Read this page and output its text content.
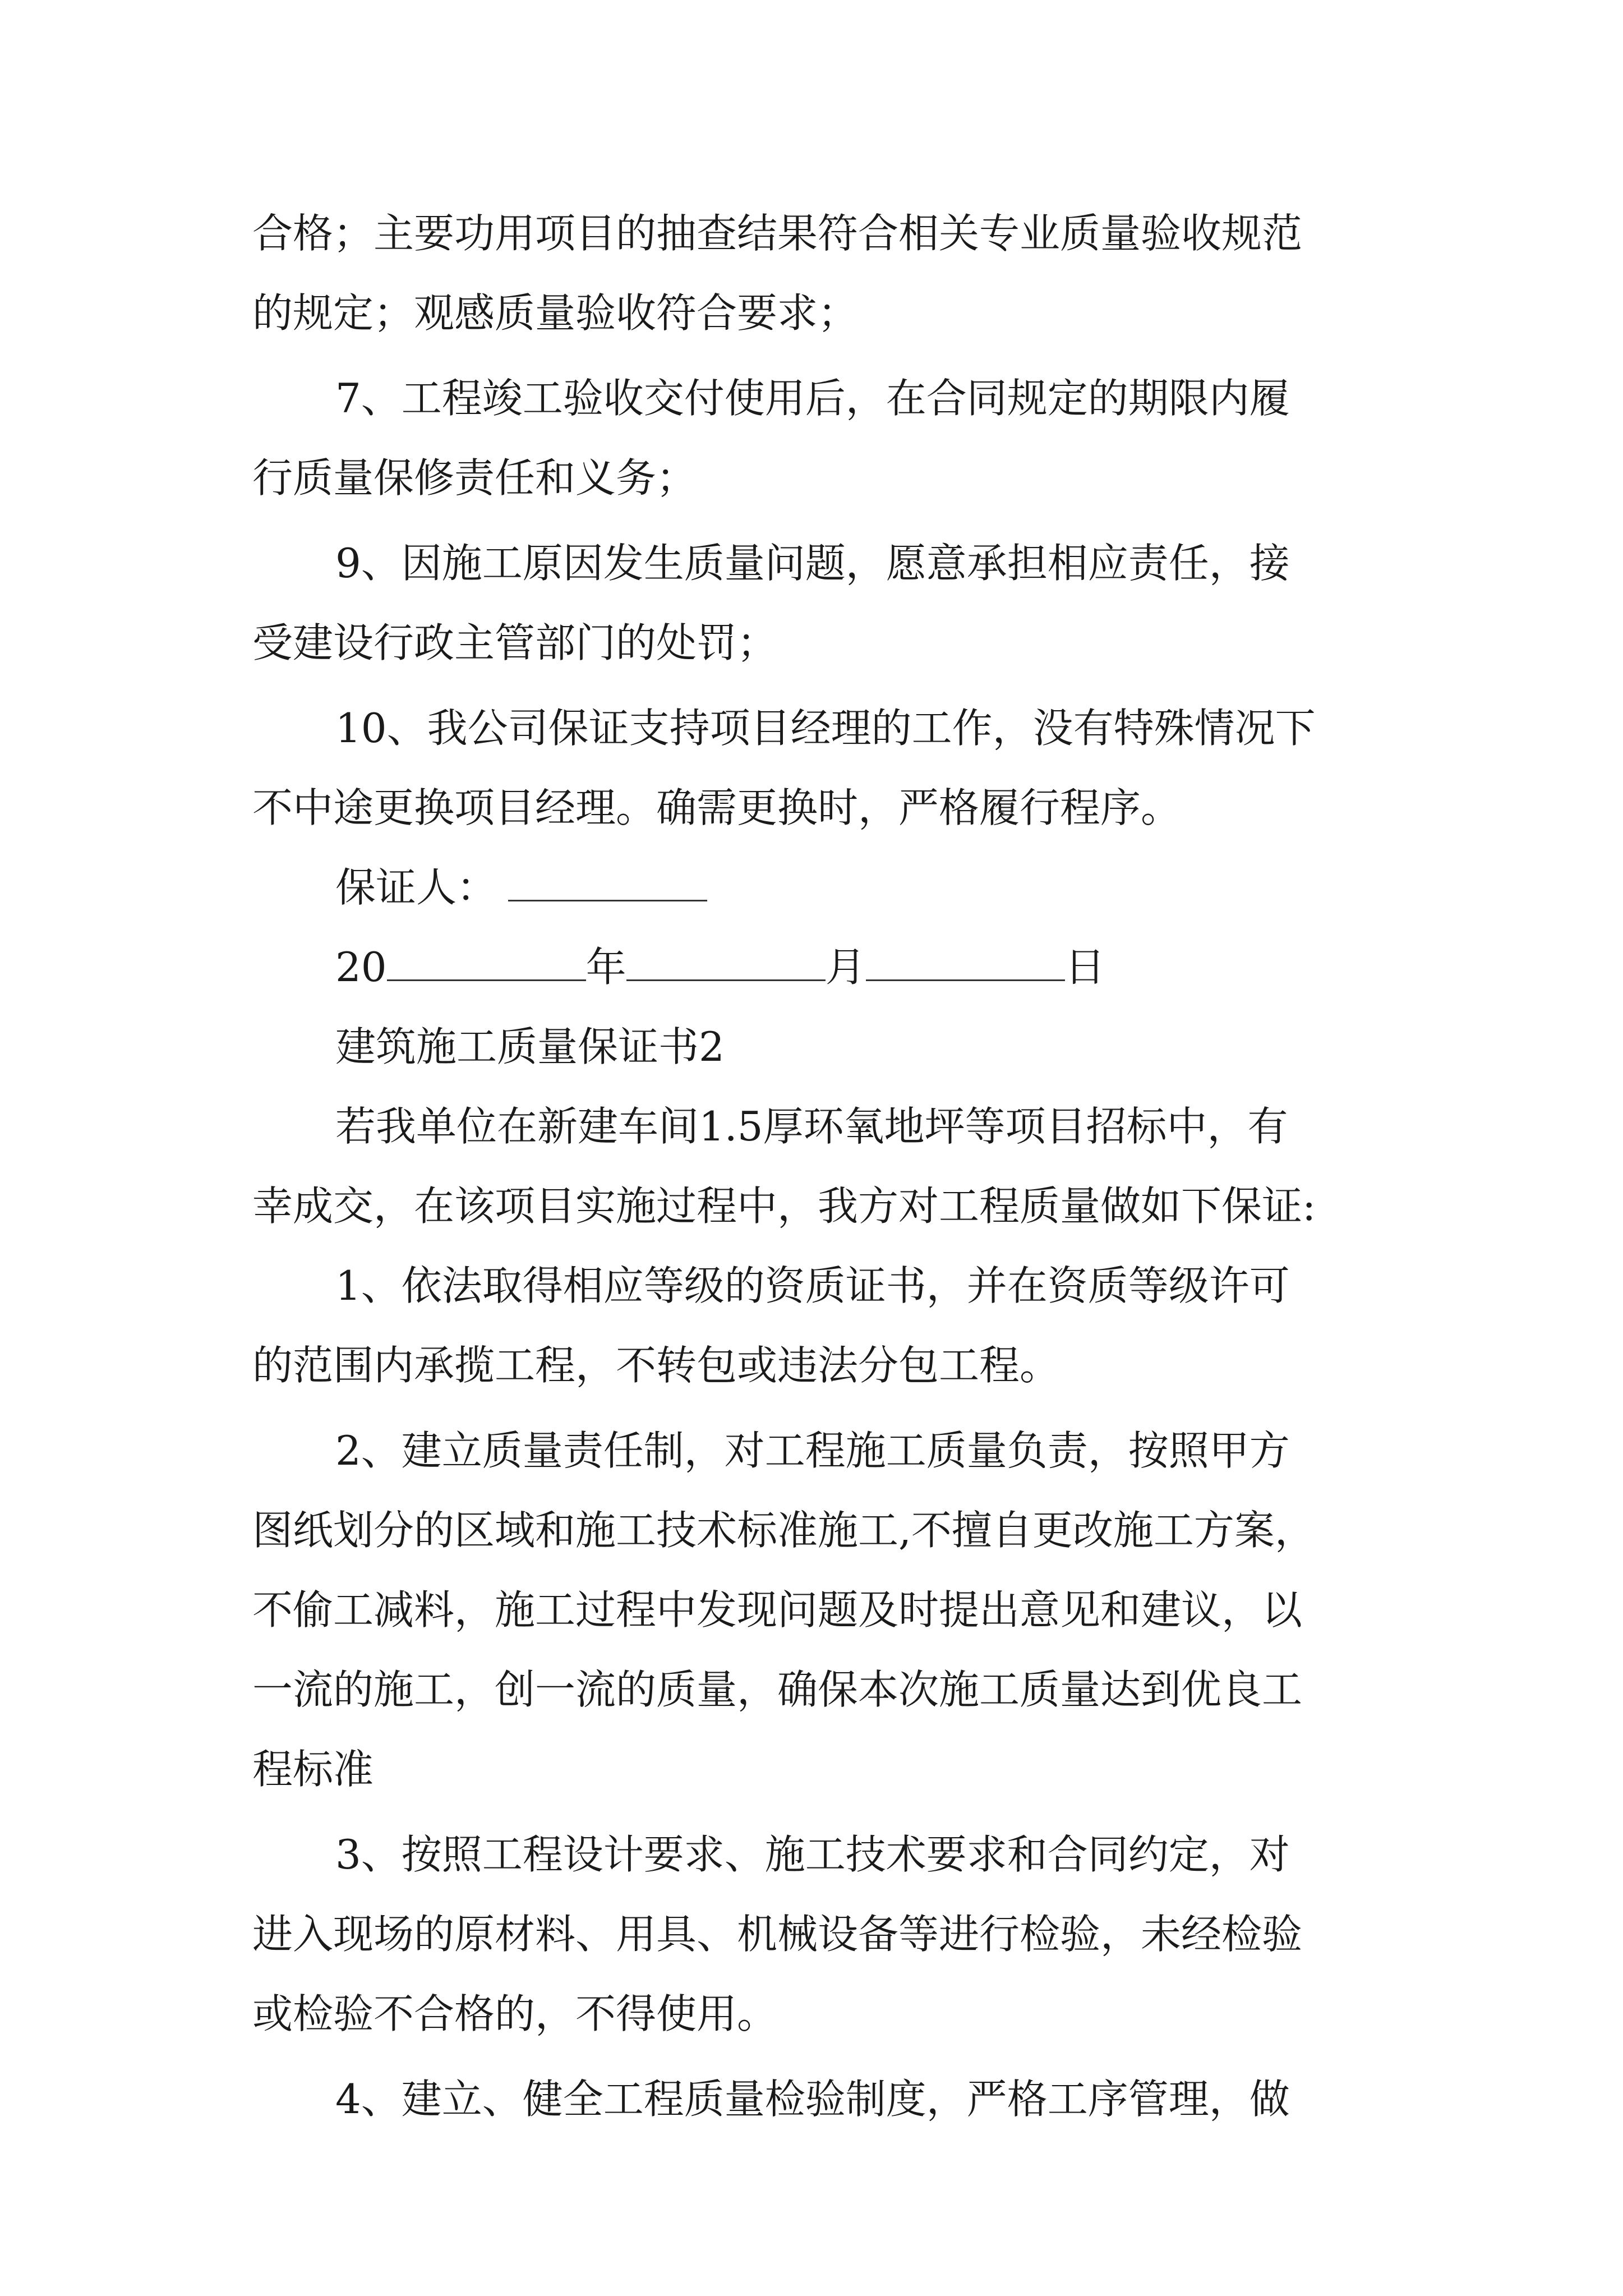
合格；主要功用项目的抽查结果符合相关专业质量验收规范
的规定；观感质量验收符合要求；
7、工程竣工验收交付使用后，在合同规定的期限内履
行质量保修责任和义务；
9、因施工原因发生质量问题，愿意承担相应责任，接
受建设行政主管部门的处罚；
10、我公司保证支持项目经理的工作，没有特殊情况下
不中途更换项目经理。确需更换时，严格履行程序。
保证人：
20	年	月	日
建筑施工质量保证书2
若我单位在新建车间1.5厚环氧地坪等项目招标中，有
幸成交，在该项目实施过程中，我方对工程质量做如下保证:
1、依法取得相应等级的资质证书，并在资质等级许可
的范围内承揽工程，不转包或违法分包工程。
2、建立质量责任制，对工程施工质量负责，按照甲方
图纸划分的区域和施工技术标准施工,不擅自更改施工方案，
不偷工减料，施工过程中发现问题及时提出意见和建议，以
一流的施工，创一流的质量，确保本次施工质量达到优良工
程标准
3、按照工程设计要求、施工技术要求和合同约定，对
进入现场的原材料、用具、机械设备等进行检验，未经检验
或检验不合格的，不得使用。
4、建立、健全工程质量检验制度，严格工序管理，做
